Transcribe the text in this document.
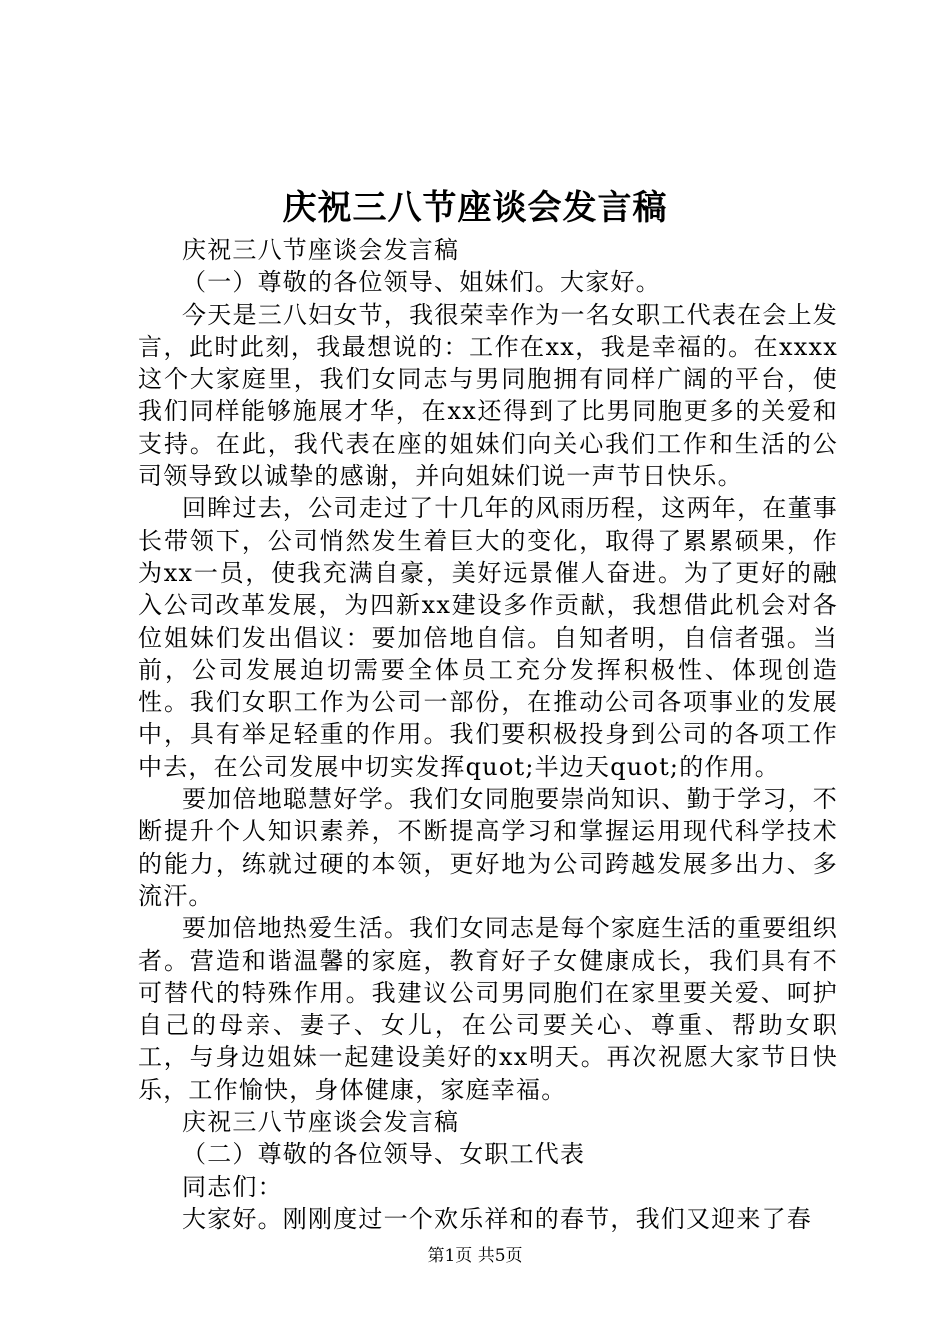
庆祝三八节座谈会发言稿

庆祝三八节座谈会发言稿

（一）尊敬的各位领导、姐妹们。大家好。

今天是三八妇女节，我很荣幸作为一名女职工代表在会上发言，此时此刻，我最想说的：工作在xx，我是幸福的。在xxxx这个大家庭里，我们女同志与男同胞拥有同样广阔的平台，使我们同样能够施展才华，在xx还得到了比男同胞更多的关爱和支持。在此，我代表在座的姐妹们向关心我们工作和生活的公司领导致以诚挚的感谢，并向姐妹们说一声节日快乐。

回眸过去，公司走过了十几年的风雨历程，这两年，在董事长带领下，公司悄然发生着巨大的变化，取得了累累硕果，作为xx一员，使我充满自豪，美好远景催人奋进。为了更好的融入公司改革发展，为四新xx建设多作贡献，我想借此机会对各位姐妹们发出倡议：要加倍地自信。自知者明，自信者强。当前，公司发展迫切需要全体员工充分发挥积极性、体现创造性。我们女职工作为公司一部份，在推动公司各项事业的发展中，具有举足轻重的作用。我们要积极投身到公司的各项工作中去，在公司发展中切实发挥quot;半边天quot;的作用。

要加倍地聪慧好学。我们女同胞要崇尚知识、勤于学习，不断提升个人知识素养，不断提高学习和掌握运用现代科学技术的能力，练就过硬的本领，更好地为公司跨越发展多出力、多流汗。

要加倍地热爱生活。我们女同志是每个家庭生活的重要组织者。营造和谐温馨的家庭，教育好子女健康成长，我们具有不可替代的特殊作用。我建议公司男同胞们在家里要关爱、呵护自己的母亲、妻子、女儿，在公司要关心、尊重、帮助女职工，与身边姐妹一起建设美好的xx明天。再次祝愿大家节日快乐，工作愉快，身体健康，家庭幸福。

庆祝三八节座谈会发言稿

（二）尊敬的各位领导、女职工代表

同志们：

大家好。刚刚度过一个欢乐祥和的春节，我们又迎来了春

第1页 共5页
